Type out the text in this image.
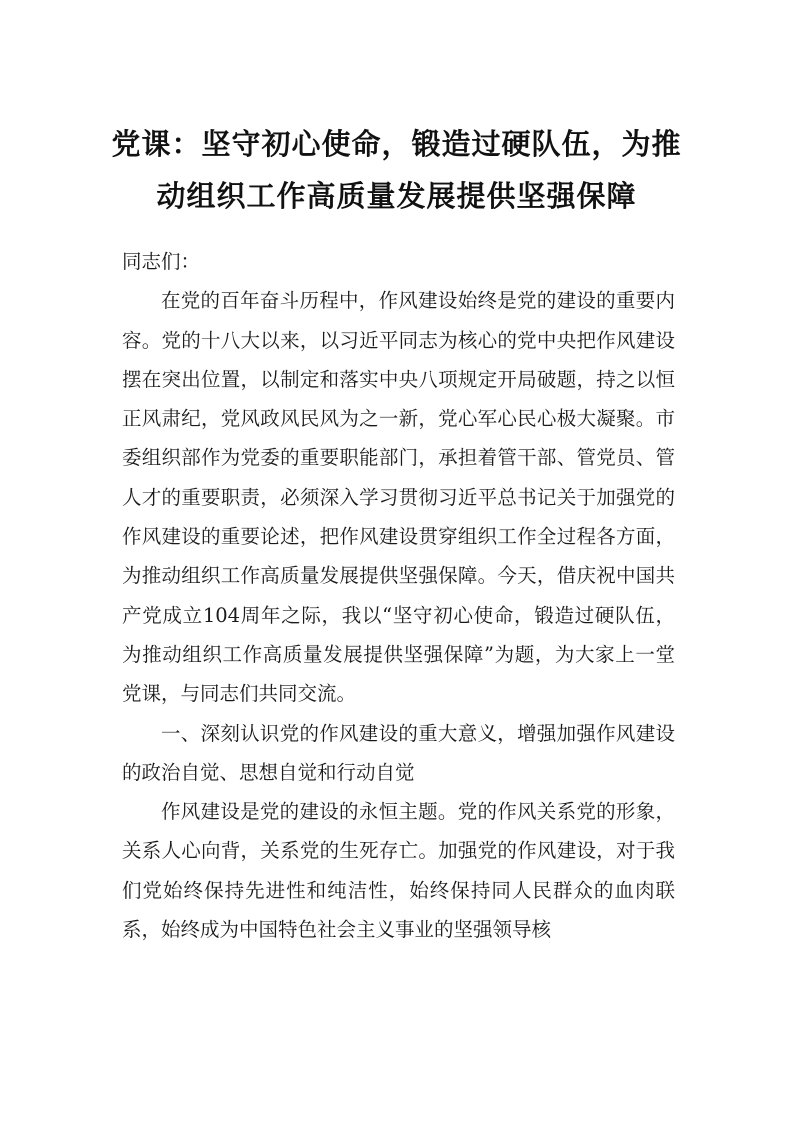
党课：坚守初心使命，锻造过硬队伍，为推
动组织工作高质量发展提供坚强保障

同志们：

在党的百年奋斗历程中，作风建设始终是党的建设的重要内容。党的十八大以来，以习近平同志为核心的党中央把作风建设摆在突出位置，以制定和落实中央八项规定开局破题，持之以恒正风肃纪，党风政风民风为之一新，党心军心民心极大凝聚。市委组织部作为党委的重要职能部门，承担着管干部、管党员、管人才的重要职责，必须深入学习贯彻习近平总书记关于加强党的作风建设的重要论述，把作风建设贯穿组织工作全过程各方面，为推动组织工作高质量发展提供坚强保障。今天，借庆祝中国共产党成立104周年之际，我以“坚守初心使命，锻造过硬队伍，为推动组织工作高质量发展提供坚强保障”为题，为大家上一堂党课，与同志们共同交流。

一、深刻认识党的作风建设的重大意义，增强加强作风建设的政治自觉、思想自觉和行动自觉

作风建设是党的建设的永恒主题。党的作风关系党的形象，关系人心向背，关系党的生死存亡。加强党的作风建设，对于我们党始终保持先进性和纯洁性，始终保持同人民群众的血肉联系，始终成为中国特色社会主义事业的坚强领导核
